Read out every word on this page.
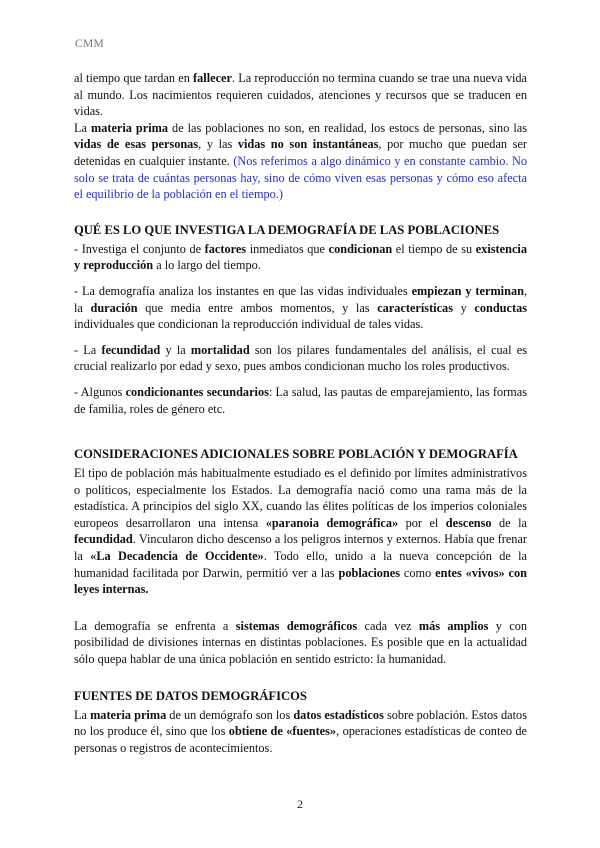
CMM

al tiempo que tardan en fallecer. La reproducción no termina cuando se trae una nueva vida al mundo. Los nacimientos requieren cuidados, atenciones y recursos que se traducen en vidas.

La materia prima de las poblaciones no son, en realidad, los estocs de personas, sino las vidas de esas personas, y las vidas no son instantáneas, por mucho que puedan ser detenidas en cualquier instante. (Nos referimos a algo dinámico y en constante cambio. No solo se trata de cuántas personas hay, sino de cómo viven esas personas y cómo eso afecta el equilibrio de la población en el tiempo.)

QUÉ ES LO QUE INVESTIGA LA DEMOGRAFÍA DE LAS POBLACIONES

- Investiga el conjunto de factores inmediatos que condicionan el tiempo de su existencia y reproducción a lo largo del tiempo.

- La demografía analiza los instantes en que las vidas individuales empiezan y terminan, la duración que media entre ambos momentos, y las características y conductas individuales que condicionan la reproducción individual de tales vidas.

- La fecundidad y la mortalidad son los pilares fundamentales del análisis, el cual es crucial realizarlo por edad y sexo, pues ambos condicionan mucho los roles productivos.

- Algunos condicionantes secundarios: La salud, las pautas de emparejamiento, las formas de familia, roles de género etc.

CONSIDERACIONES ADICIONALES SOBRE POBLACIÓN Y DEMOGRAFÍA

El tipo de población más habitualmente estudiado es el definido por límites administrativos o políticos, especialmente los Estados. La demografía nació como una rama más de la estadística. A principios del siglo XX, cuando las élites políticas de los imperios coloniales europeos desarrollaron una intensa «paranoia demográfica» por el descenso de la fecundidad. Vincularon dicho descenso a los peligros internos y externos. Había que frenar la «La Decadencia de Occidente». Todo ello, unido a la nueva concepción de la humanidad facilitada por Darwin, permitió ver a las poblaciones como entes «vivos» con leyes internas.

La demografía se enfrenta a sistemas demográficos cada vez más amplios y con posibilidad de divisiones internas en distintas poblaciones. Es posible que en la actualidad sólo quepa hablar de una única población en sentido estricto: la humanidad.

FUENTES DE DATOS DEMOGRÁFICOS

La materia prima de un demógrafo son los datos estadísticos sobre población. Estos datos no los produce él, sino que los obtiene de «fuentes», operaciones estadísticas de conteo de personas o registros de acontecimientos.

2
